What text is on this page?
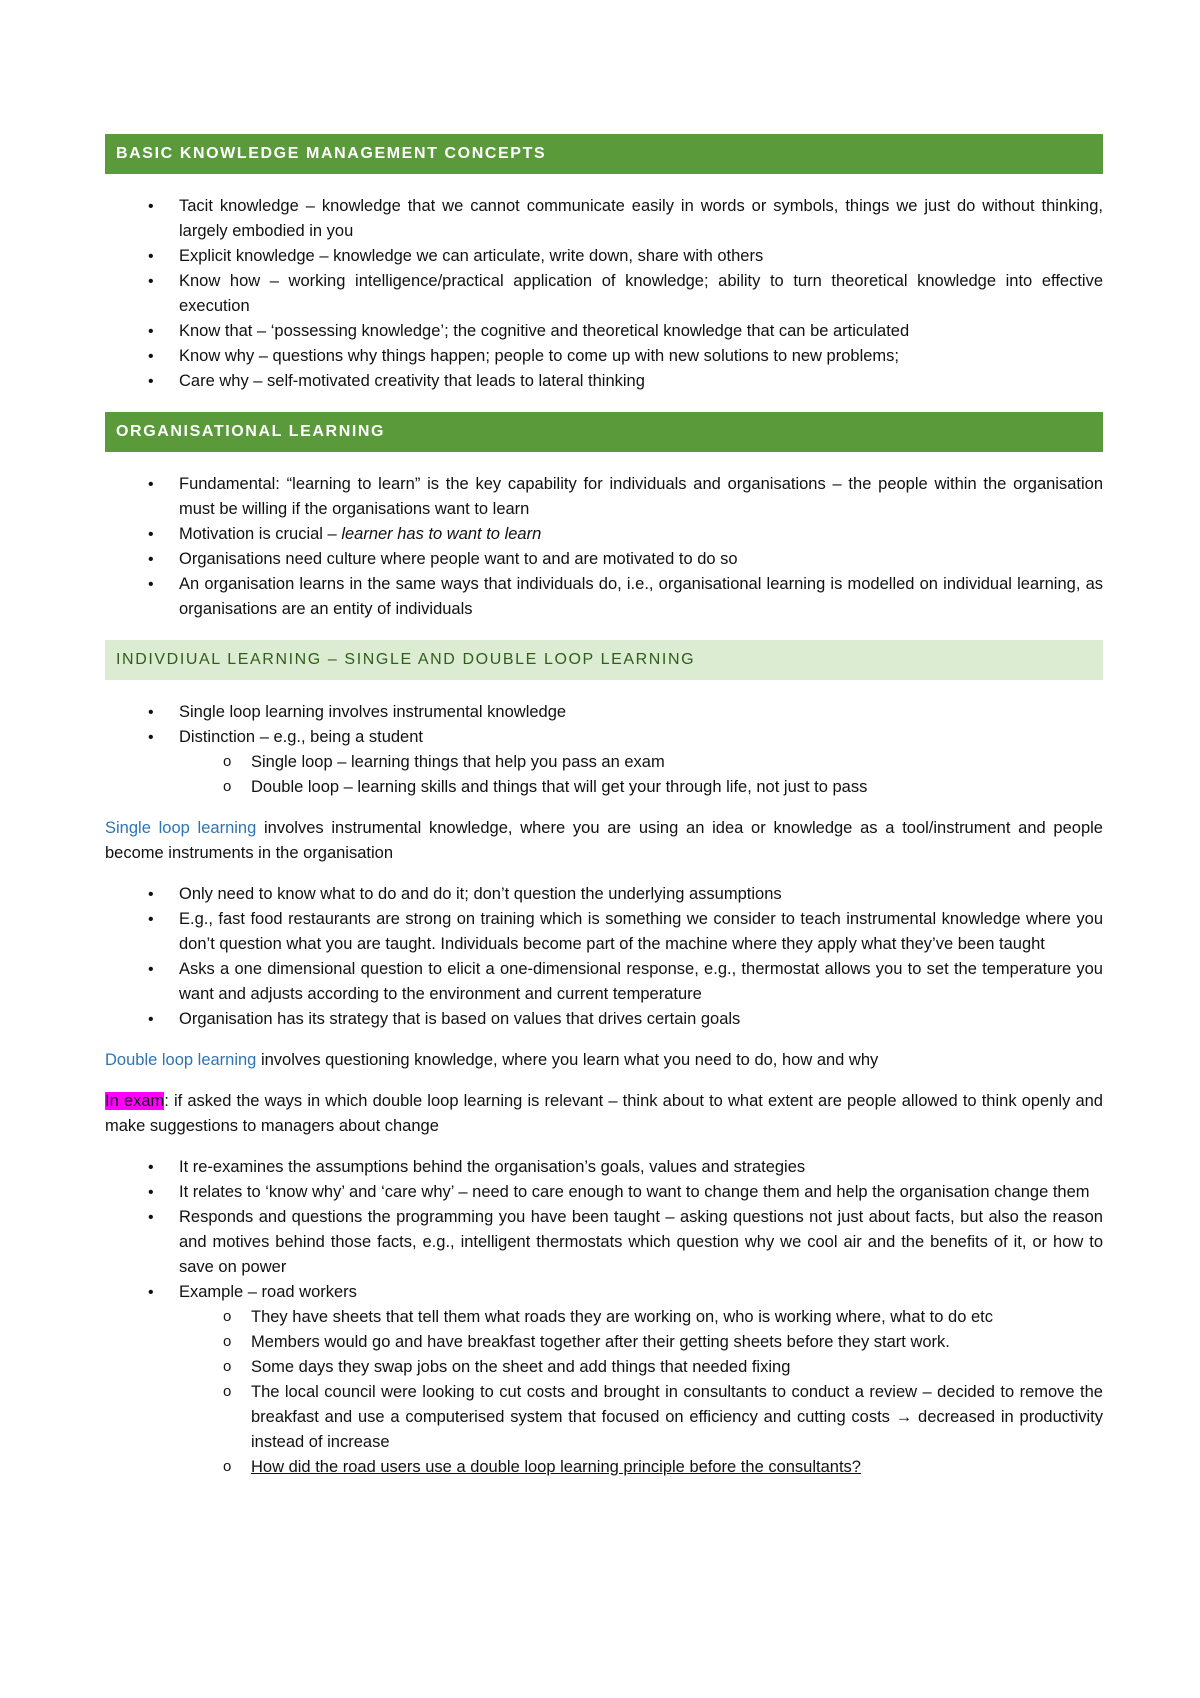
BASIC KNOWLEDGE MANAGEMENT CONCEPTS
• Tacit knowledge – knowledge that we cannot communicate easily in words or symbols, things we just do without thinking, largely embodied in you
• Explicit knowledge – knowledge we can articulate, write down, share with others
• Know how – working intelligence/practical application of knowledge; ability to turn theoretical knowledge into effective execution
• Know that – ‘possessing knowledge’; the cognitive and theoretical knowledge that can be articulated
• Know why – questions why things happen; people to come up with new solutions to new problems;
• Care why – self-motivated creativity that leads to lateral thinking
ORGANISATIONAL LEARNING
• Fundamental: “learning to learn” is the key capability for individuals and organisations – the people within the organisation must be willing if the organisations want to learn
• Motivation is crucial – learner has to want to learn
• Organisations need culture where people want to and are motivated to do so
• An organisation learns in the same ways that individuals do, i.e., organisational learning is modelled on individual learning, as organisations are an entity of individuals
INDIVDIUAL LEARNING – SINGLE AND DOUBLE LOOP LEARNING
• Single loop learning involves instrumental knowledge
• Distinction – e.g., being a student
o Single loop – learning things that help you pass an exam
o Double loop – learning skills and things that will get your through life, not just to pass

Single loop learning involves instrumental knowledge, where you are using an idea or knowledge as a tool/instrument and people become instruments in the organisation

• Only need to know what to do and do it; don’t question the underlying assumptions
• E.g., fast food restaurants are strong on training which is something we consider to teach instrumental knowledge where you don’t question what you are taught. Individuals become part of the machine where they apply what they’ve been taught
• Asks a one dimensional question to elicit a one-dimensional response, e.g., thermostat allows you to set the temperature you want and adjusts according to the environment and current temperature
• Organisation has its strategy that is based on values that drives certain goals

Double loop learning involves questioning knowledge, where you learn what you need to do, how and why

In exam: if asked the ways in which double loop learning is relevant – think about to what extent are people allowed to think openly and make suggestions to managers about change

• It re-examines the assumptions behind the organisation’s goals, values and strategies
• It relates to ‘know why’ and ‘care why’ – need to care enough to want to change them and help the organisation change them
• Responds and questions the programming you have been taught – asking questions not just about facts, but also the reason and motives behind those facts, e.g., intelligent thermostats which question why we cool air and the benefits of it, or how to save on power
• Example – road workers
o They have sheets that tell them what roads they are working on, who is working where, what to do etc
o Members would go and have breakfast together after their getting sheets before they start work.
o Some days they swap jobs on the sheet and add things that needed fixing
o The local council were looking to cut costs and brought in consultants to conduct a review – decided to remove the breakfast and use a computerised system that focused on efficiency and cutting costs → decreased in productivity instead of increase
o How did the road users use a double loop learning principle before the consultants?
